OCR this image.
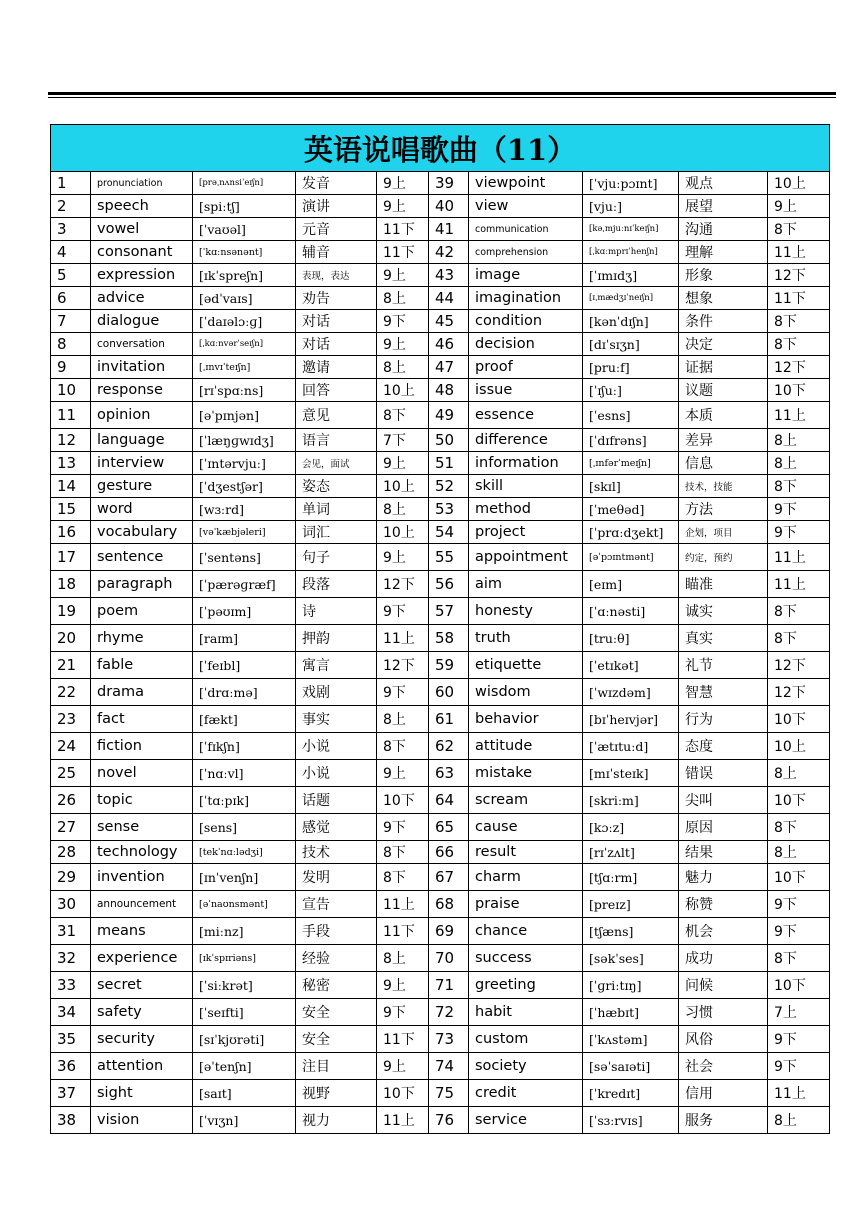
英语说唱歌曲（11）									
1	pronunciation	[prəˌnʌnsiˈeɪʃn]	发音	9上	39	viewpoint	[ˈvjuːpɔɪnt]	观点	10上
2	speech	[spiːtʃ]	演讲	9上	40	view	[vjuː]	展望	9上
3	vowel	[ˈvaʊəl]	元音	11下	41	communication	[kəˌmjuːnɪˈkeɪʃn]	沟通	8下
4	consonant	[ˈkɑːnsənənt]	辅音	11下	42	comprehension	[ˌkɑːmprɪˈhenʃn]	理解	11上
5	expression	[ɪkˈspreʃn]	表现，表达	9上	43	image	[ˈɪmɪdʒ]	形象	12下
6	advice	[ədˈvaɪs]	劝告	8上	44	imagination	[ɪˌmædʒɪˈneɪʃn]	想象	11下
7	dialogue	[ˈdaɪəlɔːɡ]	对话	9下	45	condition	[kənˈdɪʃn]	条件	8下
8	conversation	[ˌkɑːnvərˈseɪʃn]	对话	9上	46	decision	[dɪˈsɪʒn]	决定	8下
9	invitation	[ˌɪnvɪˈteɪʃn]	邀请	8上	47	proof	[pruːf]	证据	12下
10	response	[rɪˈspɑːns]	回答	10上	48	issue	[ˈɪʃuː]	议题	10下
11	opinion	[əˈpɪnjən]	意见	8下	49	essence	[ˈesns]	本质	11上
12	language	[ˈlæŋɡwɪdʒ]	语言	7下	50	difference	[ˈdɪfrəns]	差异	8上
13	interview	[ˈɪntərvjuː]	会见，面试	9上	51	information	[ˌɪnfərˈmeɪʃn]	信息	8上
14	gesture	[ˈdʒestʃər]	姿态	10上	52	skill	[skɪl]	技术，技能	8下
15	word	[wɜːrd]	单词	8上	53	method	[ˈmeθəd]	方法	9下
16	vocabulary	[vəˈkæbjəleri]	词汇	10上	54	project	[ˈprɑːdʒekt]	企划，项目	9下
17	sentence	[ˈsentəns]	句子	9上	55	appointment	[əˈpɔɪntmənt]	约定，预约	11上
18	paragraph	[ˈpærəɡræf]	段落	12下	56	aim	[eɪm]	瞄准	11上
19	poem	[ˈpəʊɪm]	诗	9下	57	honesty	[ˈɑːnəsti]	诚实	8下
20	rhyme	[raɪm]	押韵	11上	58	truth	[truːθ]	真实	8下
21	fable	[ˈfeɪbl]	寓言	12下	59	etiquette	[ˈetɪkət]	礼节	12下
22	drama	[ˈdrɑːmə]	戏剧	9下	60	wisdom	[ˈwɪzdəm]	智慧	12下
23	fact	[fækt]	事实	8上	61	behavior	[bɪˈheɪvjər]	行为	10下
24	fiction	[ˈfɪkʃn]	小说	8下	62	attitude	[ˈætɪtuːd]	态度	10上
25	novel	[ˈnɑːvl]	小说	9上	63	mistake	[mɪˈsteɪk]	错误	8上
26	topic	[ˈtɑːpɪk]	话题	10下	64	scream	[skriːm]	尖叫	10下
27	sense	[sens]	感觉	9下	65	cause	[kɔːz]	原因	8下
28	technology	[tekˈnɑːlədʒi]	技术	8下	66	result	[rɪˈzʌlt]	结果	8上
29	invention	[ɪnˈvenʃn]	发明	8下	67	charm	[tʃɑːrm]	魅力	10下
30	announcement	[əˈnaʊnsmənt]	宣告	11上	68	praise	[preɪz]	称赞	9下
31	means	[miːnz]	手段	11下	69	chance	[tʃæns]	机会	9下
32	experience	[ɪkˈspɪriəns]	经验	8上	70	success	[səkˈses]	成功	8下
33	secret	[ˈsiːkrət]	秘密	9上	71	greeting	[ˈɡriːtɪŋ]	问候	10下
34	safety	[ˈseɪfti]	安全	9下	72	habit	[ˈhæbɪt]	习惯	7上
35	security	[sɪˈkjʊrəti]	安全	11下	73	custom	[ˈkʌstəm]	风俗	9下
36	attention	[əˈtenʃn]	注目	9上	74	society	[səˈsaɪəti]	社会	9下
37	sight	[saɪt]	视野	10下	75	credit	[ˈkredɪt]	信用	11上
38	vision	[ˈvɪʒn]	视力	11上	76	service	[ˈsɜːrvɪs]	服务	8上
